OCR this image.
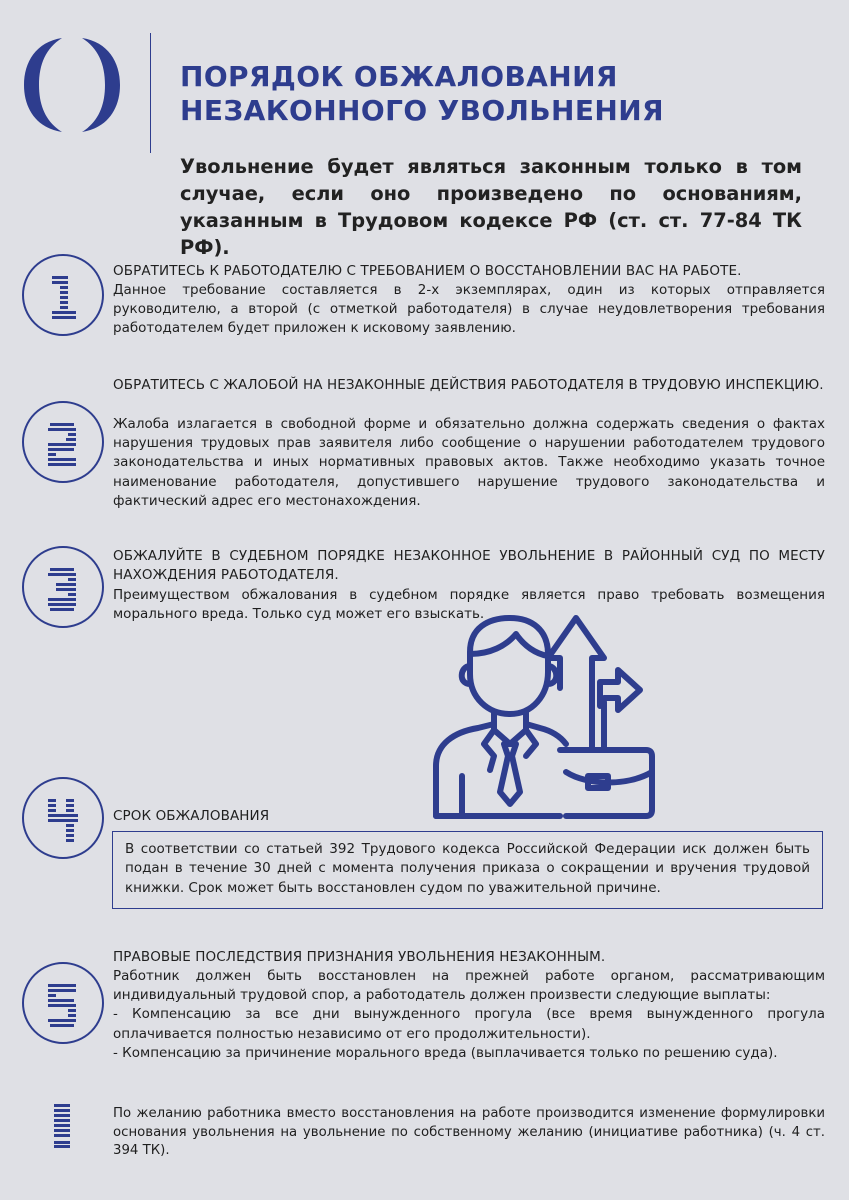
ПОРЯДОК ОБЖАЛОВАНИЯ
НЕЗАКОННОГО УВОЛЬНЕНИЯ

Увольнение будет являться законным только в том случае, если оно произведено по основаниям, указанным в Трудовом кодексе РФ (ст. ст. 77-84 ТК РФ).

ОБРАТИТЕСЬ К РАБОТОДАТЕЛЮ С ТРЕБОВАНИЕМ О ВОССТАНОВЛЕНИИ ВАС НА РАБОТЕ.
Данное требование составляется в 2-х экземплярах, один из которых отправляется руководителю, а второй (с отметкой работодателя) в случае неудовлетворения требования работодателем будет приложен к исковому заявлению.
ОБРАТИТЕСЬ С ЖАЛОБОЙ НА НЕЗАКОННЫЕ ДЕЙСТВИЯ РАБОТОДАТЕЛЯ В ТРУДОВУЮ ИНСПЕКЦИЮ.
Жалоба излагается в свободной форме и обязательно должна содержать сведения о фактах нарушения трудовых прав заявителя либо сообщение о нарушении работодателем трудового законодательства и иных нормативных правовых актов. Также необходимо указать точное наименование работодателя, допустившего нарушение трудового законодательства и фактический адрес его местонахождения.
ОБЖАЛУЙТЕ В СУДЕБНОМ ПОРЯДКЕ НЕЗАКОННОЕ УВОЛЬНЕНИЕ В РАЙОННЫЙ СУД ПО МЕСТУ НАХОЖДЕНИЯ РАБОТОДАТЕЛЯ.
Преимуществом обжалования в судебном порядке является право требовать возмещения морального вреда. Только суд может его взыскать.
СРОК ОБЖАЛОВАНИЯ

В соответствии со статьей 392 Трудового кодекса Российской Федерации иск должен быть подан в течение 30 дней с момента получения приказа о сокращении и вручения трудовой книжки. Срок может быть восстановлен судом по уважительной причине.

ПРАВОВЫЕ ПОСЛЕДСТВИЯ ПРИЗНАНИЯ УВОЛЬНЕНИЯ НЕЗАКОННЫМ.
Работник должен быть восстановлен на прежней работе органом, рассматривающим индивидуальный трудовой спор, а работодатель должен произвести следующие выплаты:
- Компенсацию за все дни вынужденного прогула (все время вынужденного прогула оплачивается полностью независимо от его продолжительности).
- Компенсацию за причинение морального вреда (выплачивается только по решению суда).

По желанию работника вместо восстановления на работе производится изменение формулировки основания увольнения на увольнение по собственному желанию (инициативе работника) (ч. 4 ст. 394 ТК).
